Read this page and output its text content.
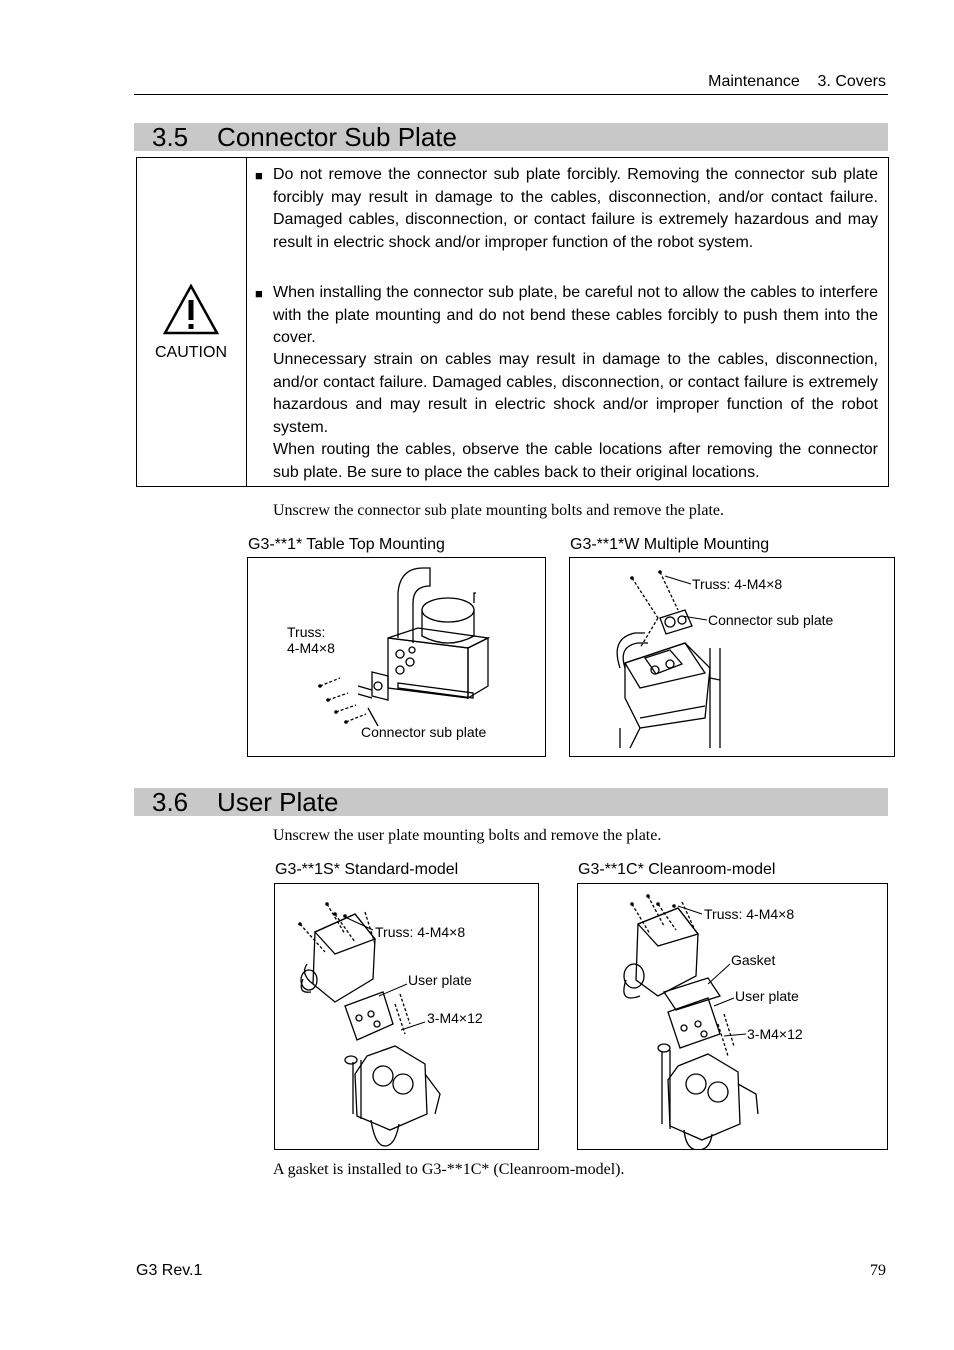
Maintenance    3. Covers
3.5    Connector Sub Plate
CAUTION
■ Do not remove the connector sub plate forcibly. Removing the connector sub plate forcibly may result in damage to the cables, disconnection, and/or contact failure. Damaged cables, disconnection, or contact failure is extremely hazardous and may result in electric shock and/or improper function of the robot system.
■ When installing the connector sub plate, be careful not to allow the cables to interfere with the plate mounting and do not bend these cables forcibly to push them into the cover.
Unnecessary strain on cables may result in damage to the cables, disconnection, and/or contact failure. Damaged cables, disconnection, or contact failure is extremely hazardous and may result in electric shock and/or improper function of the robot system.
When routing the cables, observe the cable locations after removing the connector sub plate. Be sure to place the cables back to their original locations.
Unscrew the connector sub plate mounting bolts and remove the plate.
G3-**1* Table Top Mounting
Truss:
4-M4×8
Connector sub plate
G3-**1*W Multiple Mounting
Truss: 4-M4×8
Connector sub plate
3.6    User Plate
Unscrew the user plate mounting bolts and remove the plate.
G3-**1S* Standard-model
Truss: 4-M4×8
User plate
3-M4×12
G3-**1C* Cleanroom-model
Truss: 4-M4×8
Gasket
User plate
3-M4×12
A gasket is installed to G3-**1C* (Cleanroom-model).
G3 Rev.1	79
